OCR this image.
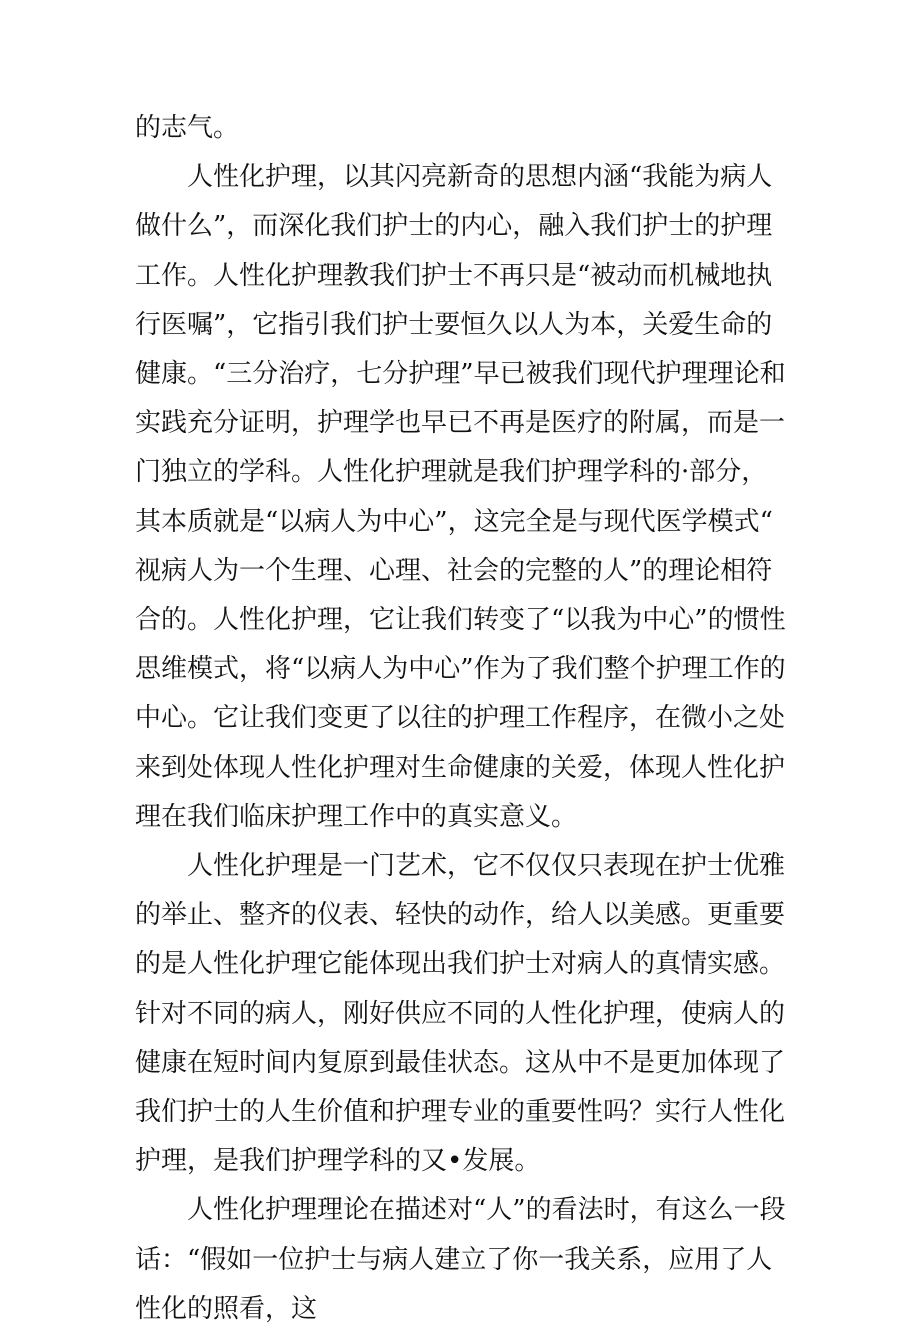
的志气。

人性化护理，以其闪亮新奇的思想内涵“我能为病人做什么”，而深化我们护士的内心，融入我们护士的护理工作。人性化护理教我们护士不再只是“被动而机械地执行医嘱”，它指引我们护士要恒久以人为本，关爱生命的健康。“三分治疗，七分护理”早已被我们现代护理理论和实践充分证明，护理学也早已不再是医疗的附属，而是一门独立的学科。人性化护理就是我们护理学科的·部分，其本质就是“以病人为中心”，这完全是与现代医学模式“视病人为一个生理、心理、社会的完整的人”的理论相符合的。人性化护理，它让我们转变了“以我为中心”的惯性思维模式，将“以病人为中心”作为了我们整个护理工作的中心。它让我们变更了以往的护理工作程序，在微小之处来到处体现人性化护理对生命健康的关爱，体现人性化护理在我们临床护理工作中的真实意义。

人性化护理是一门艺术，它不仅仅只表现在护士优雅的举止、整齐的仪表、轻快的动作，给人以美感。更重要的是人性化护理它能体现出我们护士对病人的真情实感。针对不同的病人，刚好供应不同的人性化护理，使病人的健康在短时间内复原到最佳状态。这从中不是更加体现了我们护士的人生价值和护理专业的重要性吗？实行人性化护理，是我们护理学科的又•发展。

人性化护理理论在描述对“人”的看法时，有这么一段话：“假如一位护士与病人建立了你一我关系，应用了人性化的照看，这
